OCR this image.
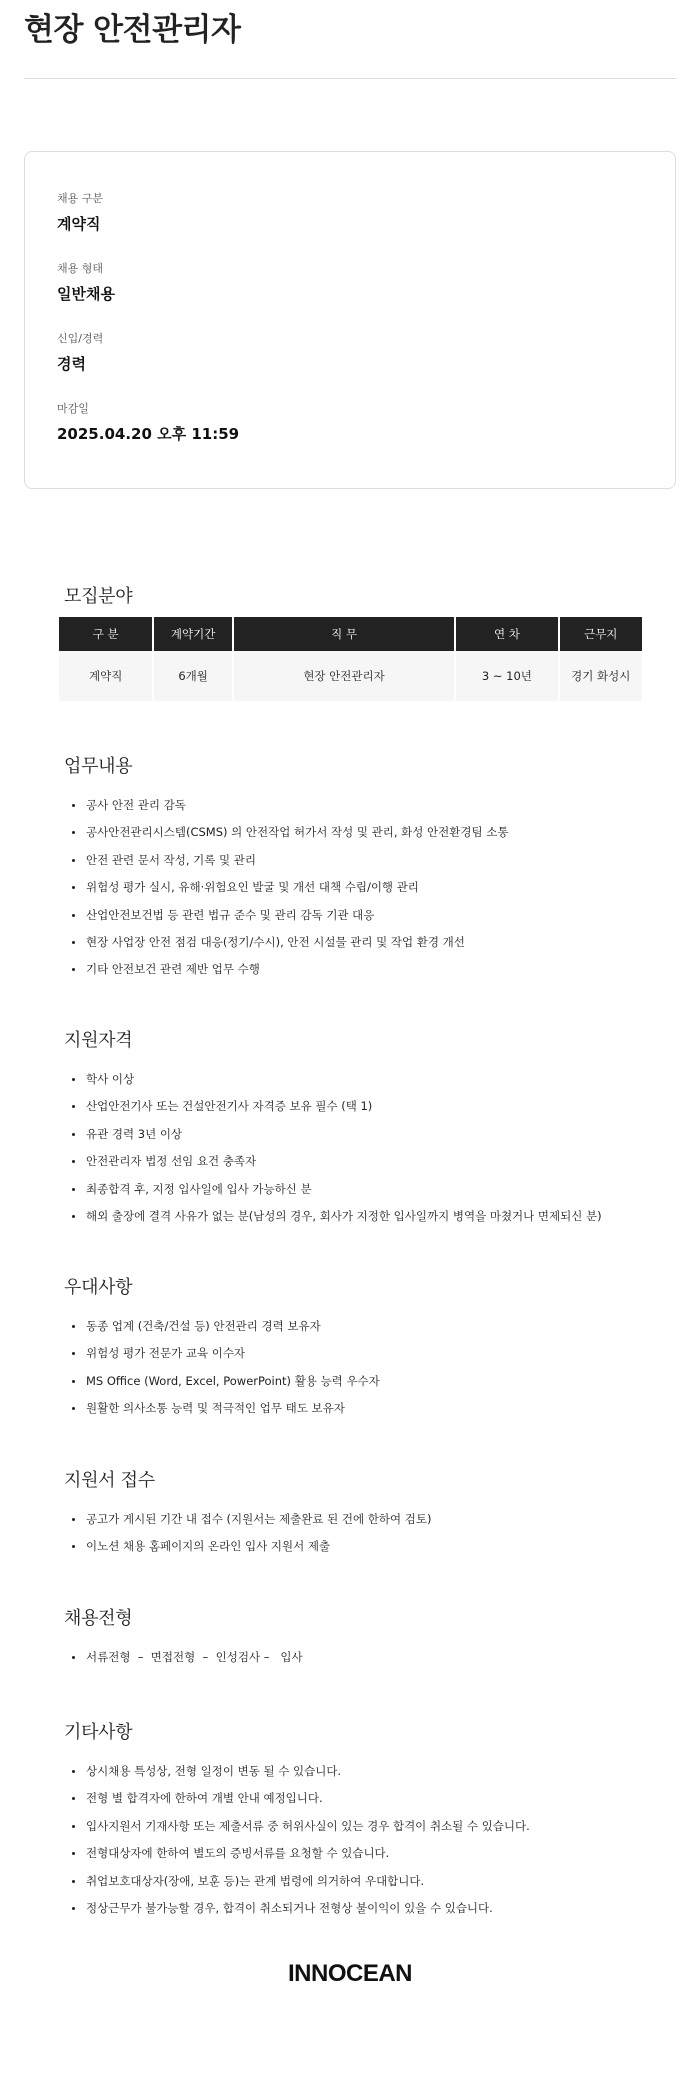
현장 안전관리자
채용 구분
계약직
채용 형태
일반채용
신입/경력
경력
마감일
2025.04.20 오후 11:59
모집분야
구 분	계약기간	직 무	연 차	근무지
계약직	6개월	현장 안전관리자	3 ~ 10년	경기 화성시
업무내용
공사 안전 관리 감독
공사안전관리시스템(CSMS) 의 안전작업 허가서 작성 및 관리, 화성 안전환경팀 소통
안전 관련 문서 작성, 기록 및 관리
위험성 평가 실시, 유해·위험요인 발굴 및 개선 대책 수립/이행 관리
산업안전보건법 등 관련 법규 준수 및 관리 감독 기관 대응
현장 사업장 안전 점검 대응(정기/수시), 안전 시설물 관리 및 작업 환경 개선
기타 안전보건 관련 제반 업무 수행
지원자격
학사 이상
산업안전기사 또는 건설안전기사 자격증 보유 필수 (택 1)
유관 경력 3년 이상
안전관리자 법정 선임 요건 충족자
최종합격 후, 지정 입사일에 입사 가능하신 분
해외 출장에 결격 사유가 없는 분(남성의 경우, 회사가 지정한 입사일까지 병역을 마쳤거나 면제되신 분)
우대사항
동종 업계 (건축/건설 등) 안전관리 경력 보유자
위험성 평가 전문가 교육 이수자
MS Office (Word, Excel, PowerPoint) 활용 능력 우수자
원활한 의사소통 능력 및 적극적인 업무 태도 보유자
지원서 접수
공고가 게시된 기간 내 접수 (지원서는 제출완료 된 건에 한하여 검토)
이노션 채용 홈페이지의 온라인 입사 지원서 제출
채용전형
서류전형  –  면접전형  –  인성검사 –   입사
기타사항
상시채용 특성상, 전형 일정이 변동 될 수 있습니다.
전형 별 합격자에 한하여 개별 안내 예정입니다.
입사지원서 기재사항 또는 제출서류 중 허위사실이 있는 경우 합격이 취소될 수 있습니다.
전형대상자에 한하여 별도의 증빙서류를 요청할 수 있습니다.
취업보호대상자(장애, 보훈 등)는 관계 법령에 의거하여 우대합니다.
정상근무가 불가능할 경우, 합격이 취소되거나 전형상 불이익이 있을 수 있습니다.
INNOCEAN
